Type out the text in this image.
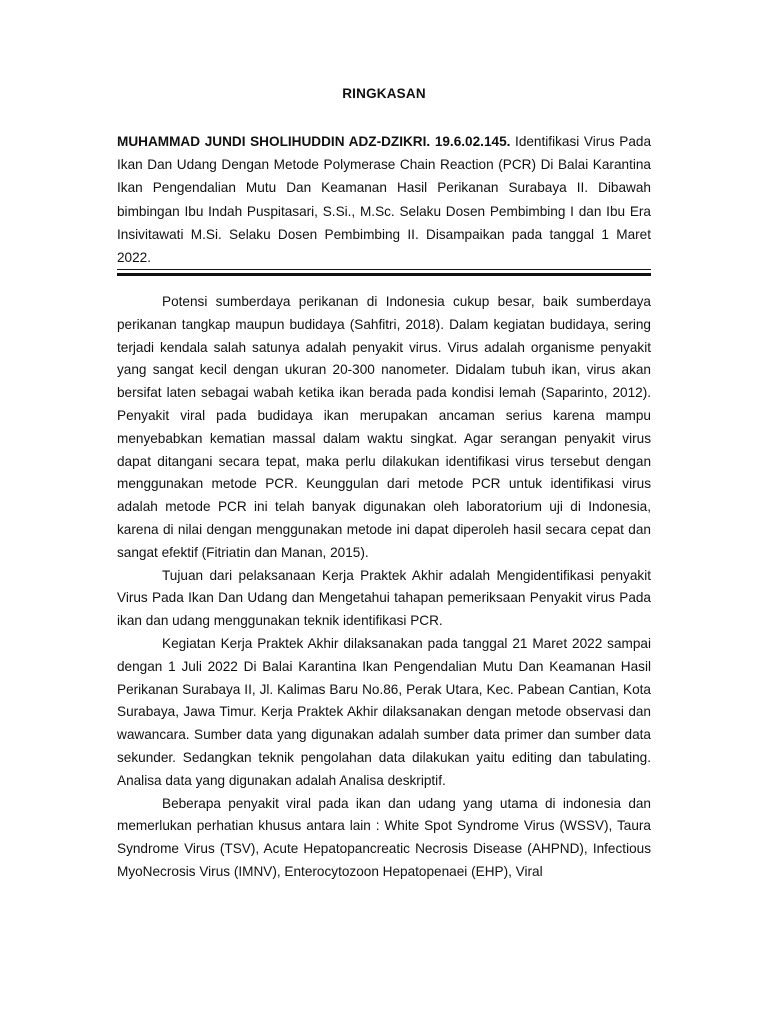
RINGKASAN
MUHAMMAD JUNDI SHOLIHUDDIN ADZ-DZIKRI. 19.6.02.145. Identifikasi Virus Pada Ikan Dan Udang Dengan Metode Polymerase Chain Reaction (PCR) Di Balai Karantina Ikan Pengendalian Mutu Dan Keamanan Hasil Perikanan Surabaya II. Dibawah bimbingan Ibu Indah Puspitasari, S.Si., M.Sc. Selaku Dosen Pembimbing I dan Ibu Era Insivitawati M.Si. Selaku Dosen Pembimbing II. Disampaikan pada tanggal 1 Maret 2022.

Potensi sumberdaya perikanan di Indonesia cukup besar, baik sumberdaya perikanan tangkap maupun budidaya (Sahfitri, 2018). Dalam kegiatan budidaya, sering terjadi kendala salah satunya adalah penyakit virus. Virus adalah organisme penyakit yang sangat kecil dengan ukuran 20-300 nanometer. Didalam tubuh ikan, virus akan bersifat laten sebagai wabah ketika ikan berada pada kondisi lemah (Saparinto, 2012). Penyakit viral pada budidaya ikan merupakan ancaman serius karena mampu menyebabkan kematian massal dalam waktu singkat. Agar serangan penyakit virus dapat ditangani secara tepat, maka perlu dilakukan identifikasi virus tersebut dengan menggunakan metode PCR. Keunggulan dari metode PCR untuk identifikasi virus adalah metode PCR ini telah banyak digunakan oleh laboratorium uji di Indonesia, karena di nilai dengan menggunakan metode ini dapat diperoleh hasil secara cepat dan sangat efektif (Fitriatin dan Manan, 2015).

Tujuan dari pelaksanaan Kerja Praktek Akhir adalah Mengidentifikasi penyakit Virus Pada Ikan Dan Udang dan Mengetahui tahapan pemeriksaan Penyakit virus Pada ikan dan udang menggunakan teknik identifikasi PCR.

Kegiatan Kerja Praktek Akhir dilaksanakan pada tanggal 21 Maret 2022 sampai dengan 1 Juli 2022 Di Balai Karantina Ikan Pengendalian Mutu Dan Keamanan Hasil Perikanan Surabaya II, Jl. Kalimas Baru No.86, Perak Utara, Kec. Pabean Cantian, Kota Surabaya, Jawa Timur. Kerja Praktek Akhir dilaksanakan dengan metode observasi dan wawancara. Sumber data yang digunakan adalah sumber data primer dan sumber data sekunder. Sedangkan teknik pengolahan data dilakukan yaitu editing dan tabulating. Analisa data yang digunakan adalah Analisa deskriptif.

Beberapa penyakit viral pada ikan dan udang yang utama di indonesia dan memerlukan perhatian khusus antara lain : White Spot Syndrome Virus (WSSV), Taura Syndrome Virus (TSV), Acute Hepatopancreatic Necrosis Disease (AHPND), Infectious MyoNecrosis Virus (IMNV), Enterocytozoon Hepatopenaei (EHP), Viral
